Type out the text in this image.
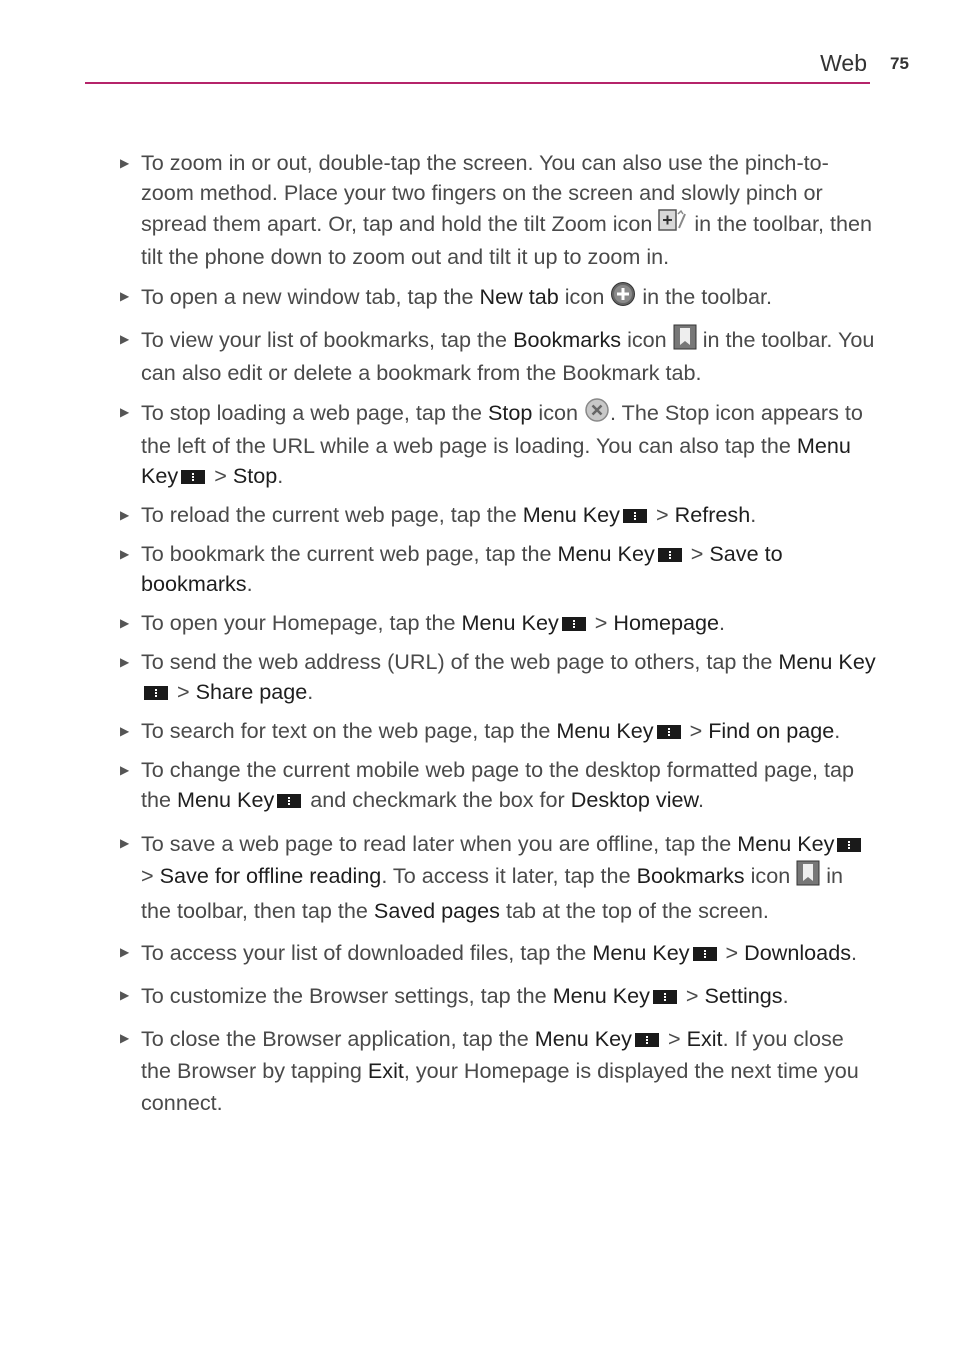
Web 75
▶ To zoom in or out, double-tap the screen. You can also use the pinch-to-zoom method. Place your two fingers on the screen and slowly pinch or spread them apart. Or, tap and hold the tilt Zoom icon  in the toolbar, then tilt the phone down to zoom out and tilt it up to zoom in.
▶ To open a new window tab, tap the New tab icon  in the toolbar.
▶ To view your list of bookmarks, tap the Bookmarks icon  in the toolbar. You can also edit or delete a bookmark from the Bookmark tab.
▶ To stop loading a web page, tap the Stop icon . The Stop icon appears to the left of the URL while a web page is loading. You can also tap the Menu Key > Stop.
▶ To reload the current web page, tap the Menu Key > Refresh.
▶ To bookmark the current web page, tap the Menu Key > Save to bookmarks.
▶ To open your Homepage, tap the Menu Key > Homepage.
▶ To send the web address (URL) of the web page to others, tap the Menu Key > Share page.
▶ To search for text on the web page, tap the Menu Key > Find on page.
▶ To change the current mobile web page to the desktop formatted page, tap the Menu Key and checkmark the box for Desktop view.
▶ To save a web page to read later when you are offline, tap the Menu Key > Save for offline reading. To access it later, tap the Bookmarks icon  in the toolbar, then tap the Saved pages tab at the top of the screen.
▶ To access your list of downloaded files, tap the Menu Key > Downloads.
▶ To customize the Browser settings, tap the Menu Key > Settings.
▶ To close the Browser application, tap the Menu Key > Exit. If you close the Browser by tapping Exit, your Homepage is displayed the next time you connect.
